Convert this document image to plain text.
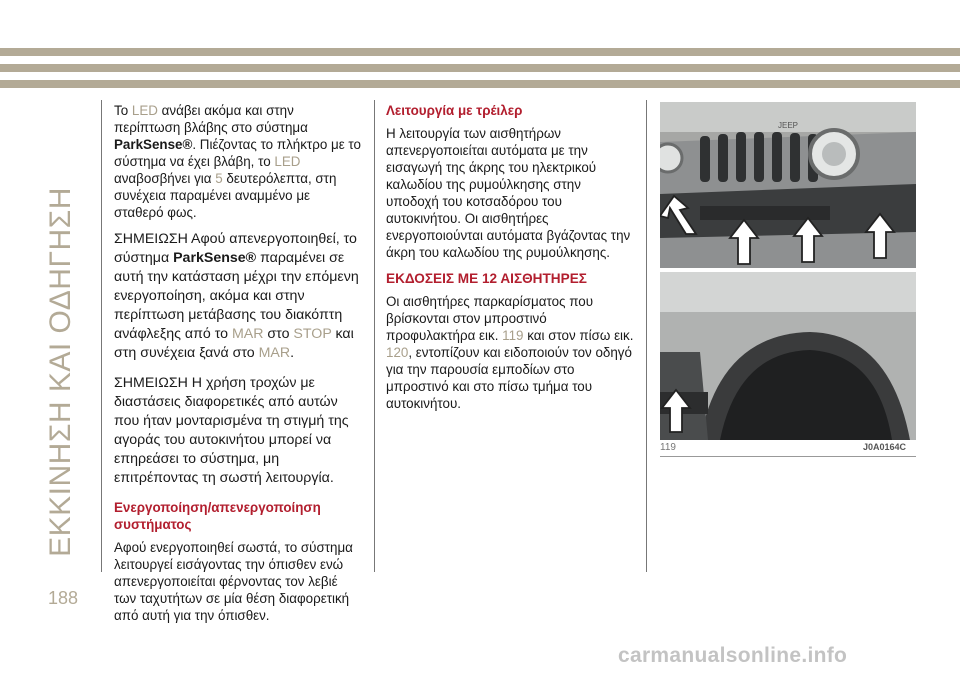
ΕΚΚΙΝΗΣΗ ΚΑΙ ΟΔΗΓΗΣΗ

Το LED ανάβει ακόμα και στην περίπτωση βλάβης στο σύστημα ParkSense®. Πιέζοντας το πλήκτρο με το σύστημα να έχει βλάβη, το LED αναβοσβήνει για 5 δευτερόλεπτα, στη συνέχεια παραμένει αναμμένο με σταθερό φως.

ΣΗΜΕΙΩΣΗ Αφού απενεργοποιηθεί, το σύστημα ParkSense® παραμένει σε αυτή την κατάσταση μέχρι την επόμενη ενεργοποίηση, ακόμα και στην περίπτωση μετάβασης του διακόπτη ανάφλεξης από το MAR στο STOP και στη συνέχεια ξανά στο MAR.

ΣΗΜΕΙΩΣΗ Η χρήση τροχών με διαστάσεις διαφορετικές από αυτών που ήταν μονταρισμένα τη στιγμή της αγοράς του αυτοκινήτου μπορεί να επηρεάσει το σύστημα, μη επιτρέποντας τη σωστή λειτουργία.

Ενεργοποίηση/απενεργοποίηση συστήματος

Αφού ενεργοποιηθεί σωστά, το σύστημα λειτουργεί εισάγοντας την όπισθεν ενώ απενεργοποιείται φέρνοντας τον λεβιέ των ταχυτήτων σε μία θέση διαφορετική από αυτή για την όπισθεν.

Λειτουργία με τρέιλερ

Η λειτουργία των αισθητήρων απενεργοποιείται αυτόματα με την εισαγωγή της άκρης του ηλεκτρικού καλωδίου της ρυμούλκησης στην υποδοχή του κοτσαδόρου του αυτοκινήτου. Οι αισθητήρες ενεργοποιούνται αυτόματα βγάζοντας την άκρη του καλωδίου της ρυμούλκησης.

ΕΚΔΟΣΕΙΣ ΜΕ 12 ΑΙΣΘΗΤΗΡΕΣ

Οι αισθητήρες παρκαρίσματος που βρίσκονται στον μπροστινό προφυλακτήρα εικ. 119 και στον πίσω εικ. 120, εντοπίζουν και ειδοποιούν τον οδηγό για την παρουσία εμποδίων στο μπροστινό και στο πίσω τμήμα του αυτοκινήτου.

JEEP
119	J0A0164C
188
carmanualsonline.info
